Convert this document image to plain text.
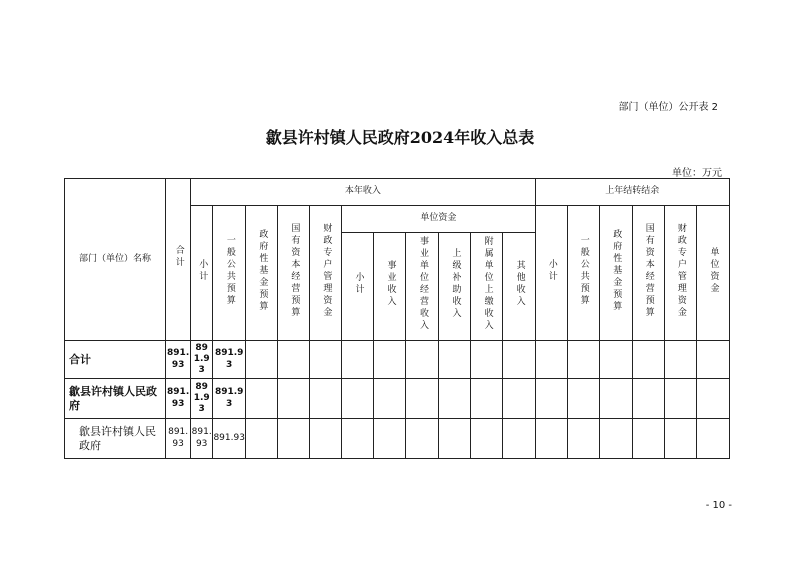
部门（单位）公开表 2
歙县许村镇人民政府2024年收入总表
单位：万元
部门（单位）名称	合计	本年收入											上年结转结余					
		小计	一般公共预算	政府性基金预算	国有资本经营预算	财政专户管理资金	单位资金						小计	一般公共预算	政府性基金预算	国有资本经营预算	财政专户管理资金	单位资金
							小计	事业收入	事业单位经营收入	上级补助收入	附属单位上缴收入	其他收入						
合计	891.93	891.93	891.93															
歙县许村镇人民政府	891.93	891.93	891.93															
歙县许村镇人民政府	891.93	891.93	891.93															
- 10 -
